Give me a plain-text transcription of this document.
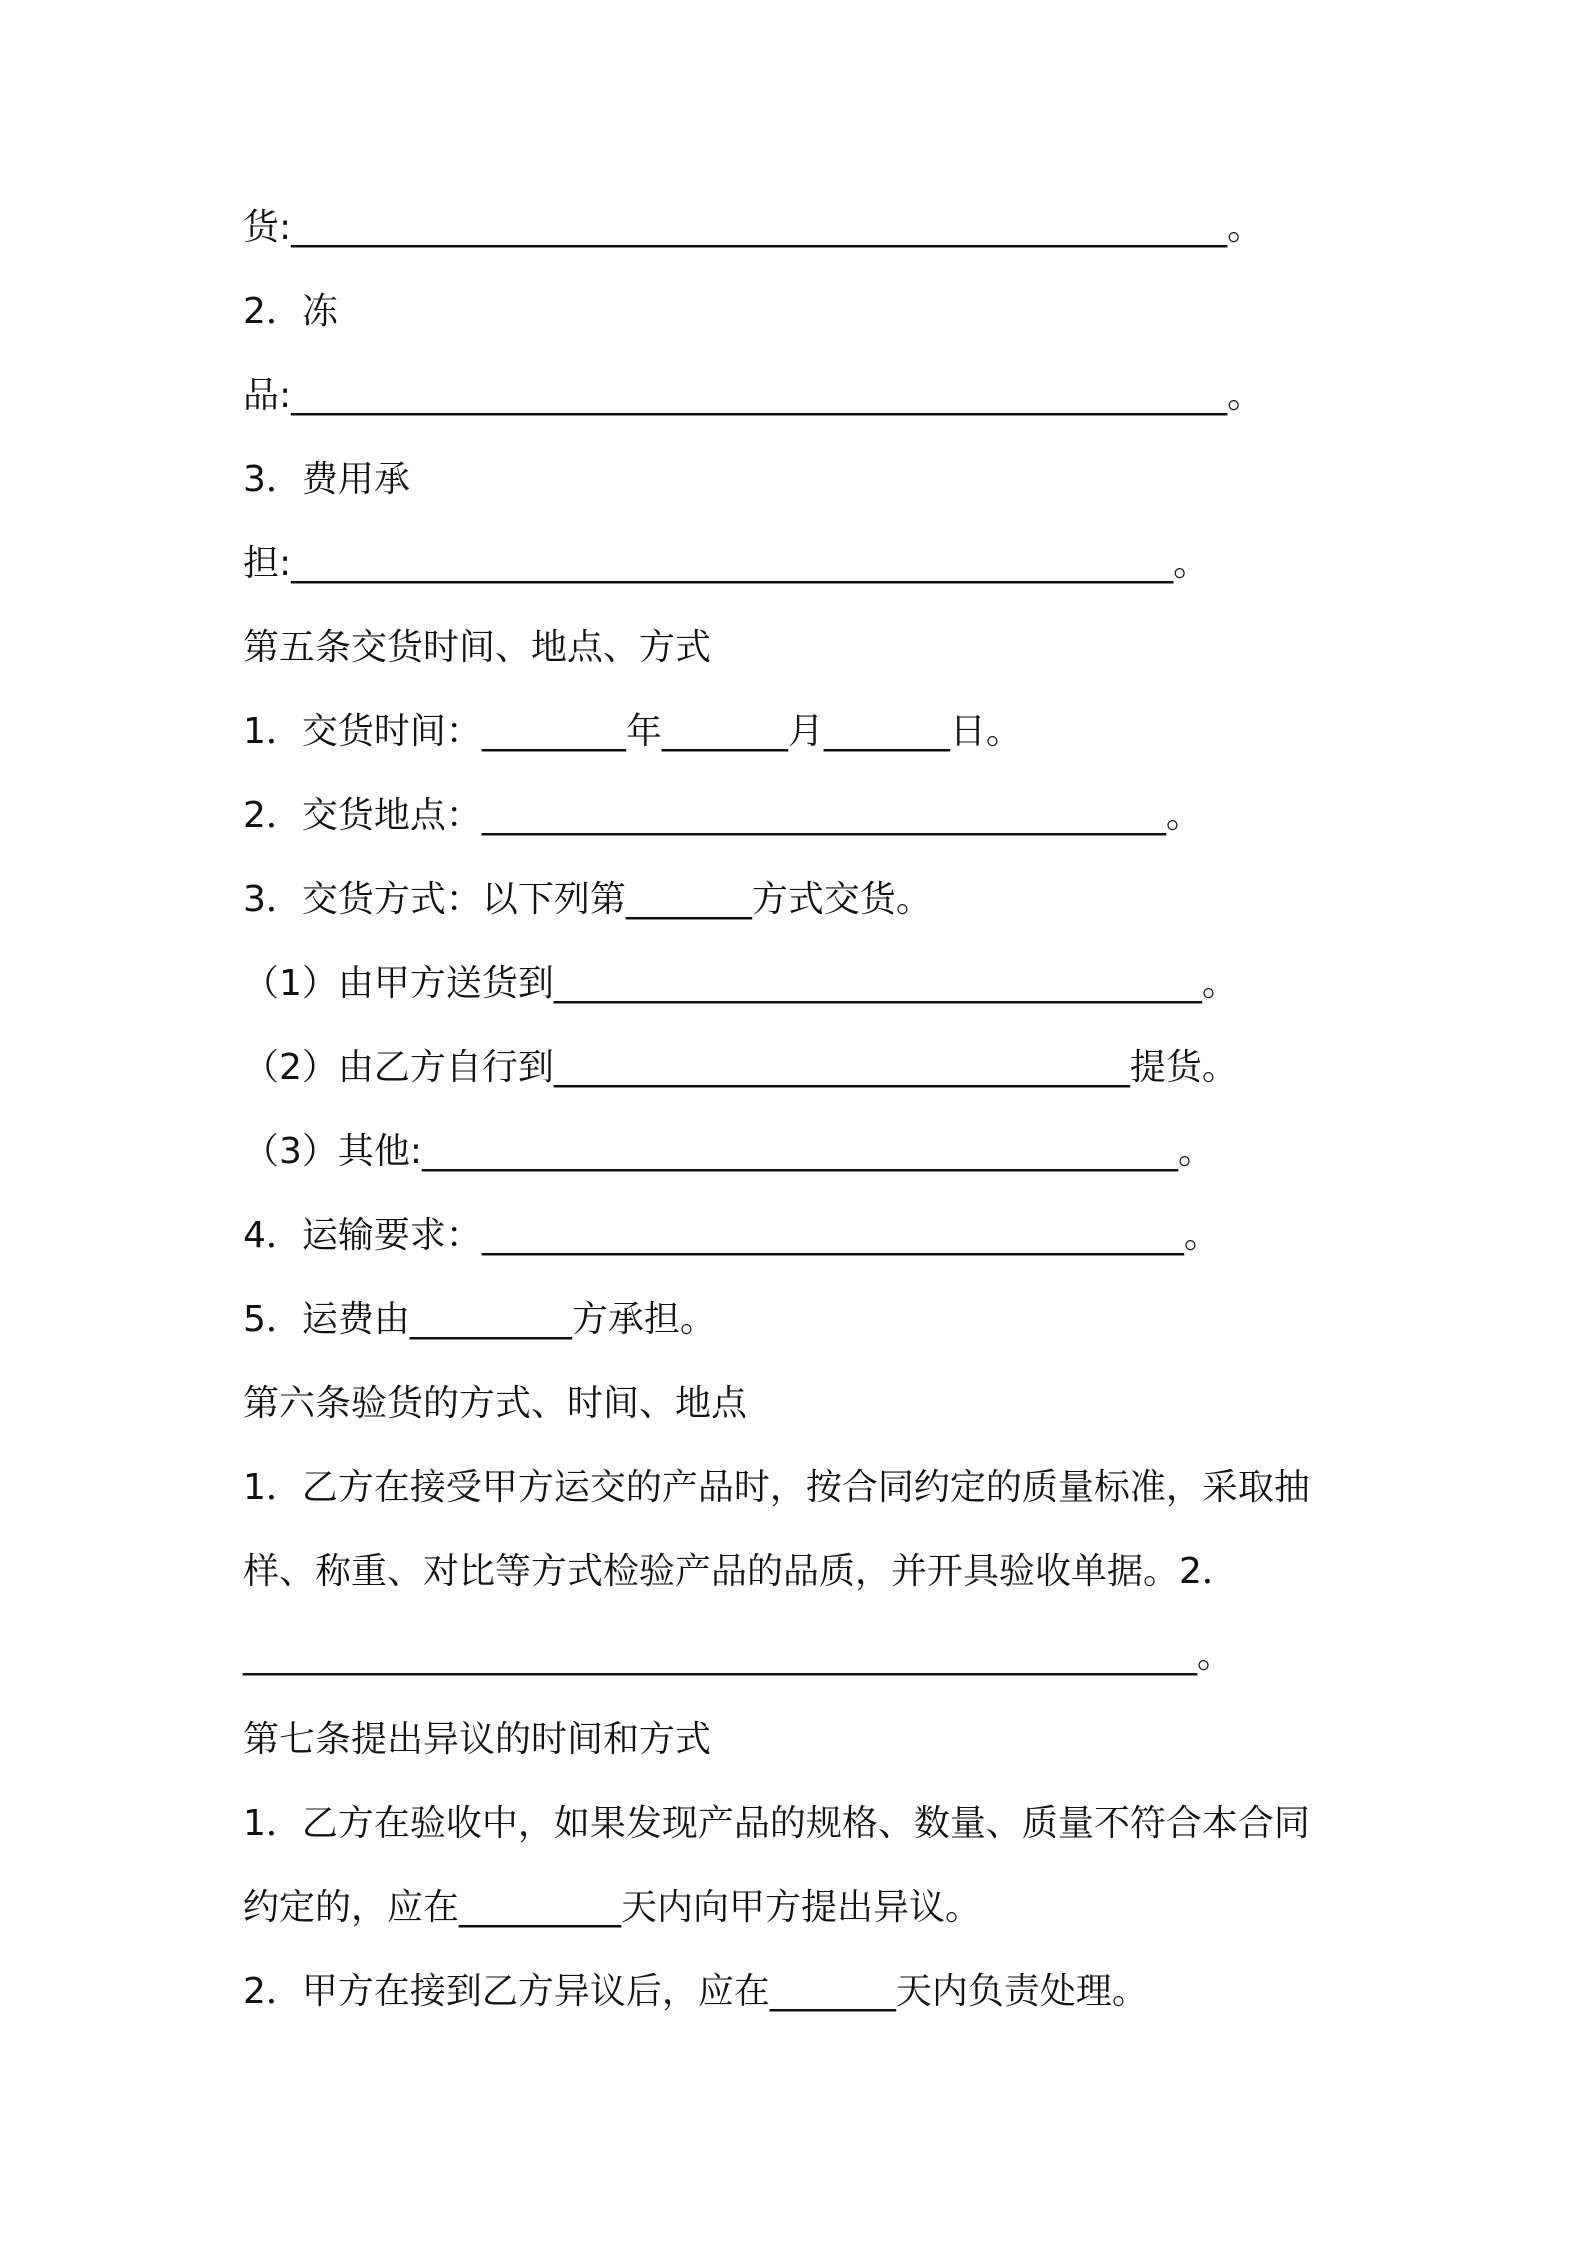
货:____________________________________________________。
2．冻
品:____________________________________________________。
3．费用承
担:_________________________________________________。
第五条交货时间、地点、方式
1．交货时间：________年_______月_______日。
2．交货地点：______________________________________。
3．交货方式：以下列第_______方式交货。
（1）由甲方送货到____________________________________。
（2）由乙方自行到________________________________提货。
（3）其他:__________________________________________。
4．运输要求：_______________________________________。
5．运费由_________方承担。
第六条验货的方式、时间、地点
1．乙方在接受甲方运交的产品时，按合同约定的质量标准，采取抽
样、称重、对比等方式检验产品的品质，并开具验收单据。2．
_____________________________________________________。
第七条提出异议的时间和方式
1．乙方在验收中，如果发现产品的规格、数量、质量不符合本合同
约定的，应在_________天内向甲方提出异议。
2．甲方在接到乙方异议后，应在_______天内负责处理。
